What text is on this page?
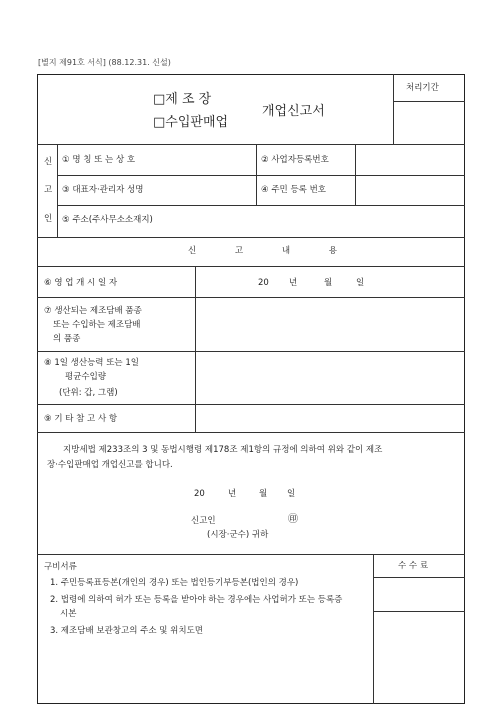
[별지 제91호 서식] (88.12.31. 신설)
□제 조 장
□수입판매업
개업신고서
처리기간
신
고
인
① 명 칭 또 는 상 호	② 사업자등록번호
③ 대표자·관리자 성명	④ 주민 등록 번호
⑤ 주소(주사무소소재지)
신 고 내 용
⑥ 영 업 개 시 일 자	20 년	월	일
⑦ 생산되는 제조담배 품종
또는 수입하는 제조담배
의 품종
⑧ 1일 생산능력 또는 1일
평균수입량
(단위: 갑, 그램)
⑨ 기 타 참 고 사 항
지방세법 제233조의 3 및 동법시행령 제178조 제1항의 규정에 의하여 위와 같이 제조
장·수입판매업 개업신고를 합니다.
20	년	월 일
신고인	㊞
(시장·군수) 귀하
수 수 료
구비서류
1. 주민등록표등본(개인의 경우) 또는 법인등기부등본(법인의 경우)
2. 법령에 의하여 허가 또는 등록을 받아야 하는 경우에는 사업허가 또는 등록증
시본
3. 제조담배 보관창고의 주소 및 위치도면
